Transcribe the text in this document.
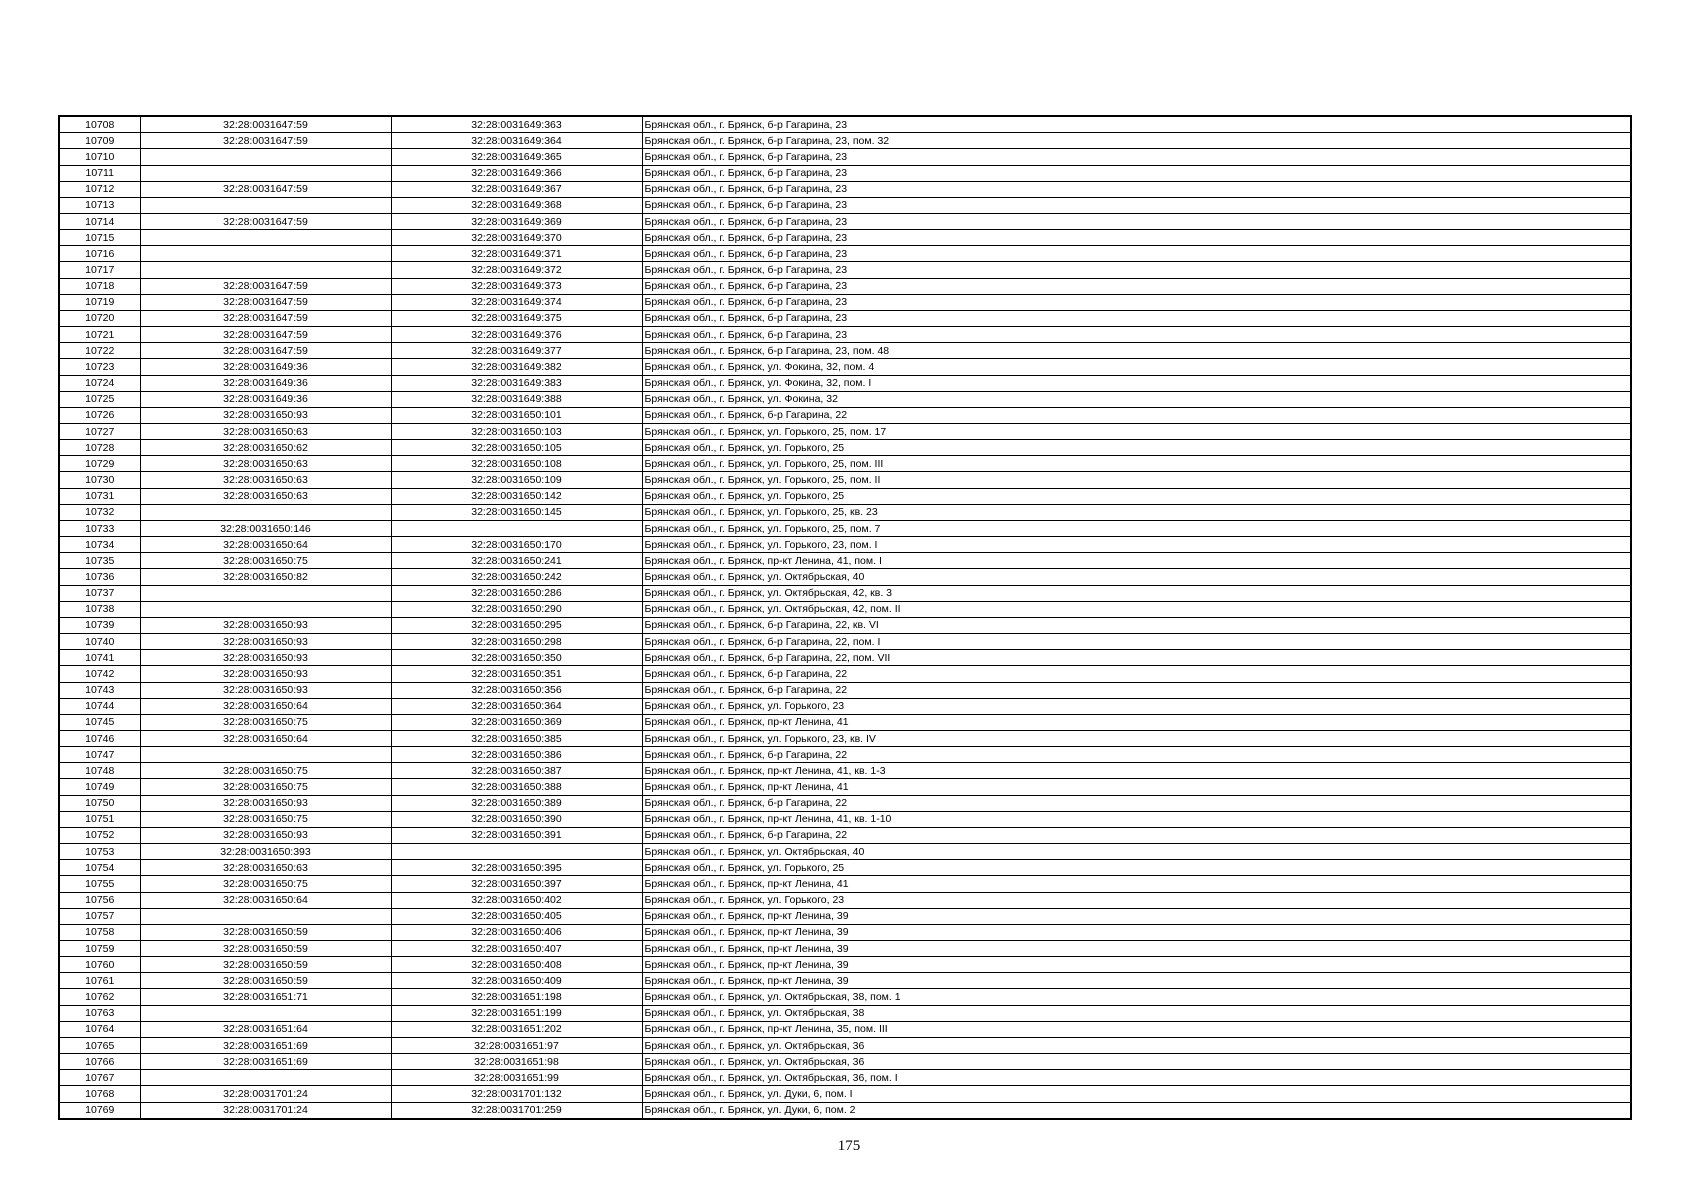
10708	32:28:0031647:59	32:28:0031649:363	Брянская обл., г. Брянск, б-р Гагарина, 23
10709	32:28:0031647:59	32:28:0031649:364	Брянская обл., г. Брянск, б-р Гагарина, 23, пом. 32
10710		32:28:0031649:365	Брянская обл., г. Брянск, б-р Гагарина, 23
10711		32:28:0031649:366	Брянская обл., г. Брянск, б-р Гагарина, 23
10712	32:28:0031647:59	32:28:0031649:367	Брянская обл., г. Брянск, б-р Гагарина, 23
10713		32:28:0031649:368	Брянская обл., г. Брянск, б-р Гагарина, 23
10714	32:28:0031647:59	32:28:0031649:369	Брянская обл., г. Брянск, б-р Гагарина, 23
10715		32:28:0031649:370	Брянская обл., г. Брянск, б-р Гагарина, 23
10716		32:28:0031649:371	Брянская обл., г. Брянск, б-р Гагарина, 23
10717		32:28:0031649:372	Брянская обл., г. Брянск, б-р Гагарина, 23
10718	32:28:0031647:59	32:28:0031649:373	Брянская обл., г. Брянск, б-р Гагарина, 23
10719	32:28:0031647:59	32:28:0031649:374	Брянская обл., г. Брянск, б-р Гагарина, 23
10720	32:28:0031647:59	32:28:0031649:375	Брянская обл., г. Брянск, б-р Гагарина, 23
10721	32:28:0031647:59	32:28:0031649:376	Брянская обл., г. Брянск, б-р Гагарина, 23
10722	32:28:0031647:59	32:28:0031649:377	Брянская обл., г. Брянск, б-р Гагарина, 23, пом. 48
10723	32:28:0031649:36	32:28:0031649:382	Брянская обл., г. Брянск, ул. Фокина, 32, пом. 4
10724	32:28:0031649:36	32:28:0031649:383	Брянская обл., г. Брянск, ул. Фокина, 32, пом. I
10725	32:28:0031649:36	32:28:0031649:388	Брянская обл., г. Брянск, ул. Фокина, 32
10726	32:28:0031650:93	32:28:0031650:101	Брянская обл., г. Брянск, б-р Гагарина, 22
10727	32:28:0031650:63	32:28:0031650:103	Брянская обл., г. Брянск, ул. Горького, 25, пом. 17
10728	32:28:0031650:62	32:28:0031650:105	Брянская обл., г. Брянск, ул. Горького, 25
10729	32:28:0031650:63	32:28:0031650:108	Брянская обл., г. Брянск, ул. Горького, 25, пом. III
10730	32:28:0031650:63	32:28:0031650:109	Брянская обл., г. Брянск, ул. Горького, 25, пом. II
10731	32:28:0031650:63	32:28:0031650:142	Брянская обл., г. Брянск, ул. Горького, 25
10732		32:28:0031650:145	Брянская обл., г. Брянск, ул. Горького, 25, кв. 23
10733	32:28:0031650:146		Брянская обл., г. Брянск, ул. Горького, 25, пом. 7
10734	32:28:0031650:64	32:28:0031650:170	Брянская обл., г. Брянск, ул. Горького, 23, пом. I
10735	32:28:0031650:75	32:28:0031650:241	Брянская обл., г. Брянск, пр-кт Ленина, 41, пом. I
10736	32:28:0031650:82	32:28:0031650:242	Брянская обл., г. Брянск, ул. Октябрьская, 40
10737		32:28:0031650:286	Брянская обл., г. Брянск, ул. Октябрьская, 42, кв. 3
10738		32:28:0031650:290	Брянская обл., г. Брянск, ул. Октябрьская, 42, пом. II
10739	32:28:0031650:93	32:28:0031650:295	Брянская обл., г. Брянск, б-р Гагарина, 22, кв. VI
10740	32:28:0031650:93	32:28:0031650:298	Брянская обл., г. Брянск, б-р Гагарина, 22, пом. I
10741	32:28:0031650:93	32:28:0031650:350	Брянская обл., г. Брянск, б-р Гагарина, 22, пом. VII
10742	32:28:0031650:93	32:28:0031650:351	Брянская обл., г. Брянск, б-р Гагарина, 22
10743	32:28:0031650:93	32:28:0031650:356	Брянская обл., г. Брянск, б-р Гагарина, 22
10744	32:28:0031650:64	32:28:0031650:364	Брянская обл., г. Брянск, ул. Горького, 23
10745	32:28:0031650:75	32:28:0031650:369	Брянская обл., г. Брянск, пр-кт Ленина, 41
10746	32:28:0031650:64	32:28:0031650:385	Брянская обл., г. Брянск, ул. Горького, 23, кв. IV
10747		32:28:0031650:386	Брянская обл., г. Брянск, б-р Гагарина, 22
10748	32:28:0031650:75	32:28:0031650:387	Брянская обл., г. Брянск, пр-кт Ленина, 41, кв. 1-3
10749	32:28:0031650:75	32:28:0031650:388	Брянская обл., г. Брянск, пр-кт Ленина, 41
10750	32:28:0031650:93	32:28:0031650:389	Брянская обл., г. Брянск, б-р Гагарина, 22
10751	32:28:0031650:75	32:28:0031650:390	Брянская обл., г. Брянск, пр-кт Ленина, 41, кв. 1-10
10752	32:28:0031650:93	32:28:0031650:391	Брянская обл., г. Брянск, б-р Гагарина, 22
10753	32:28:0031650:393		Брянская обл., г. Брянск, ул. Октябрьская, 40
10754	32:28:0031650:63	32:28:0031650:395	Брянская обл., г. Брянск, ул. Горького, 25
10755	32:28:0031650:75	32:28:0031650:397	Брянская обл., г. Брянск, пр-кт Ленина, 41
10756	32:28:0031650:64	32:28:0031650:402	Брянская обл., г. Брянск, ул. Горького, 23
10757		32:28:0031650:405	Брянская обл., г. Брянск, пр-кт Ленина, 39
10758	32:28:0031650:59	32:28:0031650:406	Брянская обл., г. Брянск, пр-кт Ленина, 39
10759	32:28:0031650:59	32:28:0031650:407	Брянская обл., г. Брянск, пр-кт Ленина, 39
10760	32:28:0031650:59	32:28:0031650:408	Брянская обл., г. Брянск, пр-кт Ленина, 39
10761	32:28:0031650:59	32:28:0031650:409	Брянская обл., г. Брянск, пр-кт Ленина, 39
10762	32:28:0031651:71	32:28:0031651:198	Брянская обл., г. Брянск, ул. Октябрьская, 38, пом. 1
10763		32:28:0031651:199	Брянская обл., г. Брянск, ул. Октябрьская, 38
10764	32:28:0031651:64	32:28:0031651:202	Брянская обл., г. Брянск, пр-кт Ленина, 35, пом. III
10765	32:28:0031651:69	32:28:0031651:97	Брянская обл., г. Брянск, ул. Октябрьская, 36
10766	32:28:0031651:69	32:28:0031651:98	Брянская обл., г. Брянск, ул. Октябрьская, 36
10767		32:28:0031651:99	Брянская обл., г. Брянск, ул. Октябрьская, 36, пом. I
10768	32:28:0031701:24	32:28:0031701:132	Брянская обл., г. Брянск, ул. Дуки, 6, пом. I
10769	32:28:0031701:24	32:28:0031701:259	Брянская обл., г. Брянск, ул. Дуки, 6, пом. 2
175
